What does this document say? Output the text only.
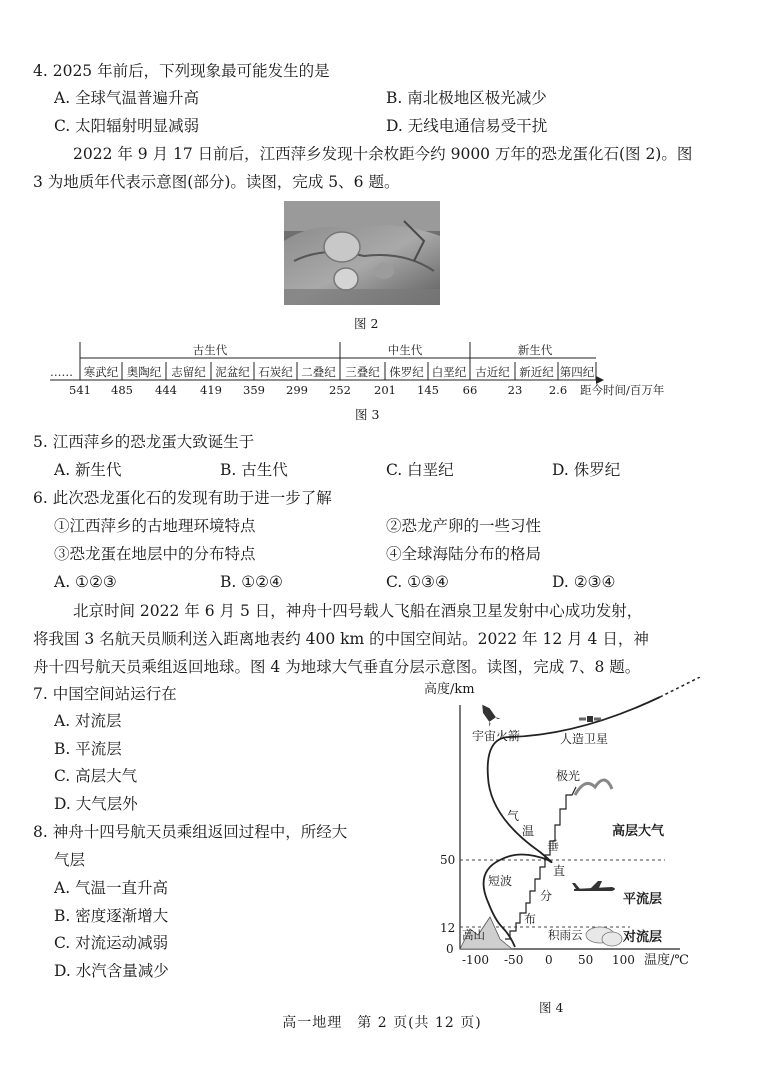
4. 2025 年前后，下列现象最可能发生的是
A. 全球气温普遍升高	B. 南北极地区极光减少
C. 太阳辐射明显减弱	D. 无线电通信易受干扰
2022 年 9 月 17 日前后，江西萍乡发现十余枚距今约 9000 万年的恐龙蛋化石(图 2)。图
3 为地质年代表示意图(部分)。读图，完成 5、6 题。
图 2
古生代	中生代	新生代
…… 寒武纪 奥陶纪 志留纪 泥盆纪 石炭纪 二叠纪 三叠纪 侏罗纪 白垩纪 古近纪 新近纪 第四纪
541 485 444 419 359 299 252 201 145 66	23 2.6 距今时间/百万年
图 3
5. 江西萍乡的恐龙蛋大致诞生于
A. 新生代	B. 古生代	C. 白垩纪	D. 侏罗纪
6. 此次恐龙蛋化石的发现有助于进一步了解
①江西萍乡的古地理环境特点	②恐龙产卵的一些习性
③恐龙蛋在地层中的分布特点	④全球海陆分布的格局
A. ①②③	B. ①②④	C. ①③④	D. ②③④
北京时间 2022 年 6 月 5 日，神舟十四号载人飞船在酒泉卫星发射中心成功发射，
将我国 3 名航天员顺利送入距离地表约 400 km 的中国空间站。2022 年 12 月 4 日，神
舟十四号航天员乘组返回地球。图 4 为地球大气垂直分层示意图。读图，完成 7、8 题。
7. 中国空间站运行在
A. 对流层
B. 平流层
C. 高层大气
D. 大气层外
8. 神舟十四号航天员乘组返回过程中，所经大
气层
A. 气温一直升高
B. 密度逐渐增大
C. 对流运动减弱
D. 水汽含量减少
高度/km
温度/℃
0
12
50
-100 -50 0 50 100
高山	积雨云
宇宙火箭	人造卫星
极光
高层大气
平流层
对流层
气
温
垂
直
分
布
短波
图 4
高一地理　第 2 页(共 12 页)
